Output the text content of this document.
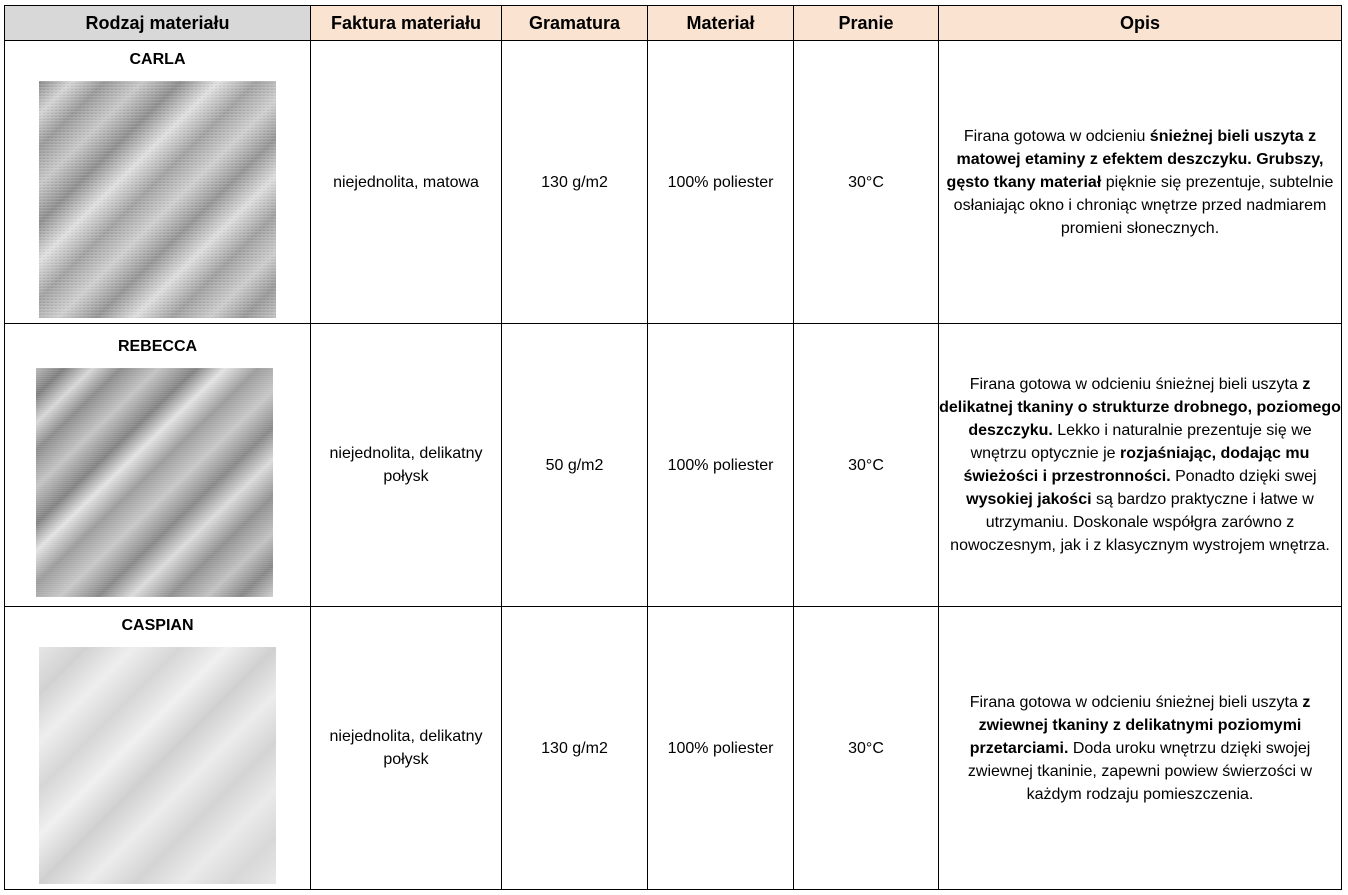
Rodzaj materiału	Faktura materiału	Gramatura	Materiał	Pranie	Opis

CARLA	niejednolita, matowa	130 g/m2	100% poliester	30°C	Firana gotowa w odcieniu śnieżnej bieli uszyta z matowej etaminy z efektem deszczyku. Grubszy, gęsto tkany materiał pięknie się prezentuje, subtelnie osłaniając okno i chroniąc wnętrze przed nadmiarem promieni słonecznych.

REBECCA	niejednolita, delikatny połysk	50 g/m2	100% poliester	30°C	Firana gotowa w odcieniu śnieżnej bieli uszyta z delikatnej tkaniny o strukturze drobnego, poziomego deszczyku. Lekko i naturalnie prezentuje się we wnętrzu optycznie je rozjaśniając, dodając mu świeżości i przestronności. Ponadto dzięki swej wysokiej jakości są bardzo praktyczne i łatwe w utrzymaniu. Doskonale współgra zarówno z nowoczesnym, jak i z klasycznym wystrojem wnętrza.

CASPIAN	niejednolita, delikatny połysk	130 g/m2	100% poliester	30°C	Firana gotowa w odcieniu śnieżnej bieli uszyta z zwiewnej tkaniny z delikatnymi poziomymi przetarciami. Doda uroku wnętrzu dzięki swojej zwiewnej tkaninie, zapewni powiew świerzości w każdym rodzaju pomieszczenia.
